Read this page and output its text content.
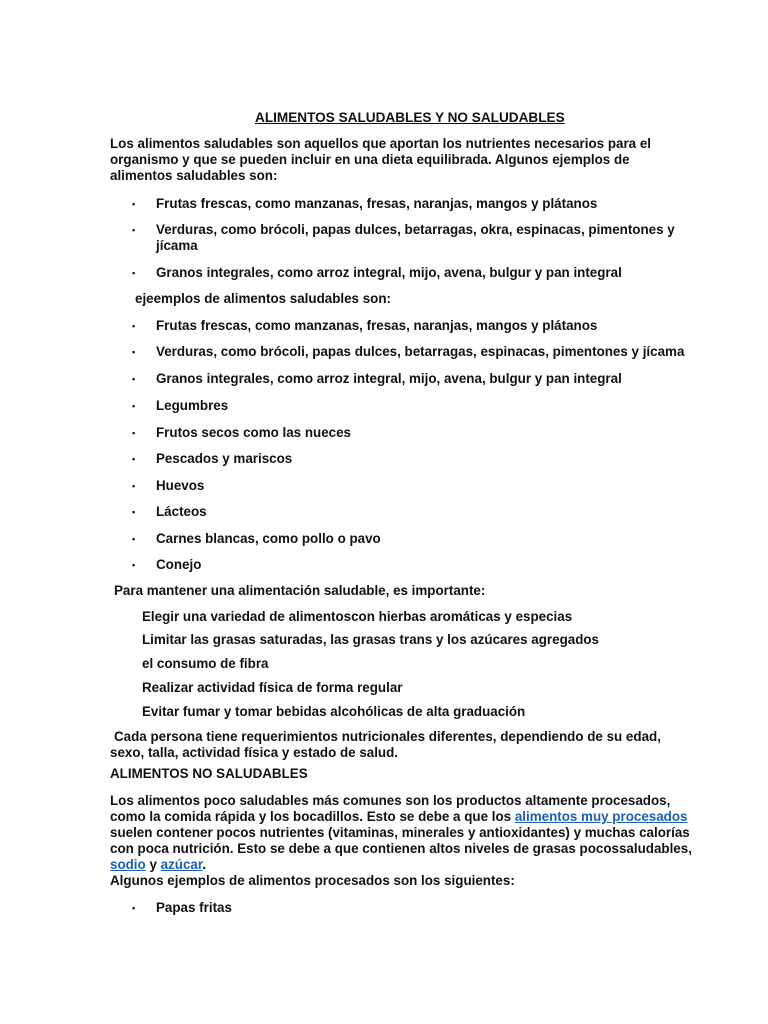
ALIMENTOS SALUDABLES Y NO SALUDABLES
Los alimentos saludables son aquellos que aportan los nutrientes necesarios para el organismo y que se pueden incluir en una dieta equilibrada. Algunos ejemplos de alimentos saludables son:
• Frutas frescas, como manzanas, fresas, naranjas, mangos y plátanos
• Verduras, como brócoli, papas dulces, betarragas, okra, espinacas, pimentones y jícama
• Granos integrales, como arroz integral, mijo, avena, bulgur y pan integral
ejeemplos de alimentos saludables son:
• Frutas frescas, como manzanas, fresas, naranjas, mangos y plátanos
• Verduras, como brócoli, papas dulces, betarragas, espinacas, pimentones y jícama
• Granos integrales, como arroz integral, mijo, avena, bulgur y pan integral
• Legumbres
• Frutos secos como las nueces
• Pescados y mariscos
• Huevos
• Lácteos
• Carnes blancas, como pollo o pavo
• Conejo
Para mantener una alimentación saludable, es importante:
Elegir una variedad de alimentoscon hierbas aromáticas y especias
Limitar las grasas saturadas, las grasas trans y los azúcares agregados
el consumo de fibra
Realizar actividad física de forma regular
Evitar fumar y tomar bebidas alcohólicas de alta graduación
Cada persona tiene requerimientos nutricionales diferentes, dependiendo de su edad, sexo, talla, actividad física y estado de salud.
ALIMENTOS NO SALUDABLES
Los alimentos poco saludables más comunes son los productos altamente procesados, como la comida rápida y los bocadillos. Esto se debe a que los alimentos muy procesados suelen contener pocos nutrientes (vitaminas, minerales y antioxidantes) y muchas calorías con poca nutrición. Esto se debe a que contienen altos niveles de grasas pocossaludables, sodio y azúcar.
Algunos ejemplos de alimentos procesados son los siguientes:
• Papas fritas
